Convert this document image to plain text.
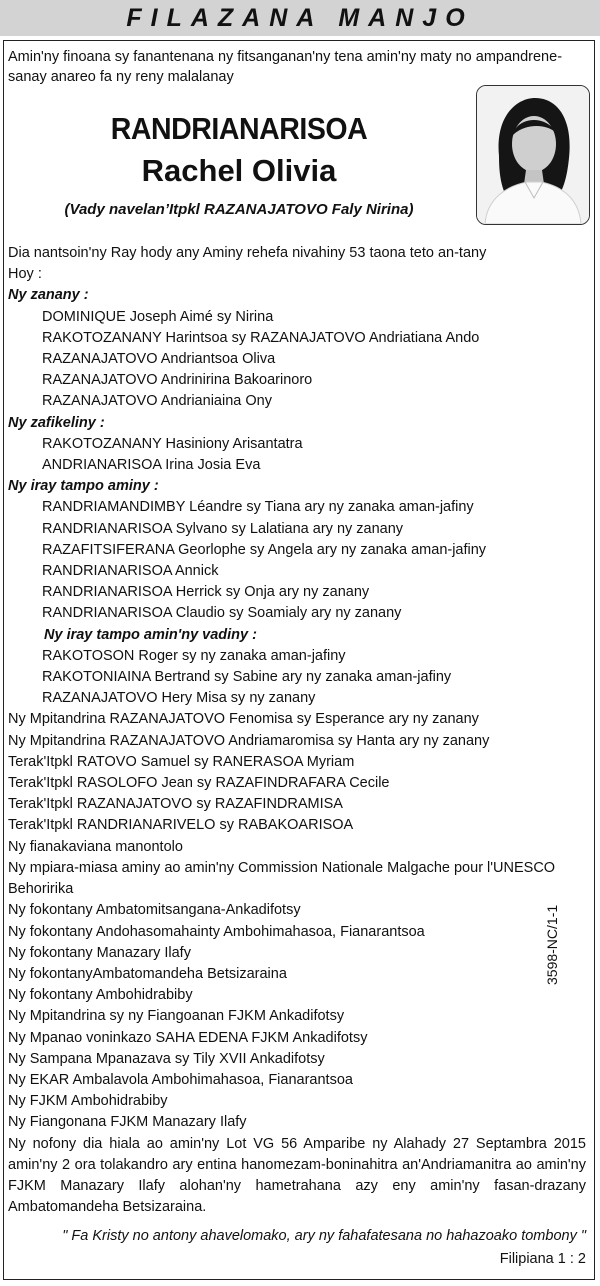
FILAZANA MANJO
Amin'ny finoana sy fanantenana ny fitsanganan'ny tena amin'ny maty no ampandrene-sanay anareo fa ny reny malalanay
RANDRIANARISOA
Rachel Olivia
(Vady navelan’Itpkl RAZANAJATOVO Faly Nirina)

Dia nantsoin'ny Ray hody any Aminy rehefa nivahiny 53 taona teto an-tany

Hoy :

Ny zanany :

DOMINIQUE Joseph Aimé sy Nirina

RAKOTOZANANY Harintsoa sy RAZANAJATOVO Andriatiana Ando

RAZANAJATOVO Andriantsoa Oliva

RAZANAJATOVO Andrinirina Bakoarinoro

RAZANAJATOVO Andrianiaina Ony

Ny zafikeliny :

RAKOTOZANANY Hasiniony Arisantatra

ANDRIANARISOA Irina Josia Eva

Ny iray tampo aminy :

RANDRIAMANDIMBY Léandre sy Tiana ary ny zanaka aman-jafiny

RANDRIANARISOA Sylvano sy Lalatiana ary ny zanany

RAZAFITSIFERANA Georlophe sy Angela ary ny zanaka aman-jafiny

RANDRIANARISOA Annick

RANDRIANARISOA Herrick sy Onja ary ny zanany

RANDRIANARISOA Claudio sy Soamialy ary ny zanany

Ny iray tampo amin'ny vadiny :

RAKOTOSON Roger sy ny zanaka aman-jafiny

RAKOTONIAINA Bertrand sy Sabine ary ny zanaka aman-jafiny

RAZANAJATOVO Hery Misa sy ny zanany

Ny Mpitandrina RAZANAJATOVO Fenomisa sy Esperance ary ny zanany

Ny Mpitandrina RAZANAJATOVO Andriamaromisa sy Hanta ary ny zanany

Terak'Itpkl RATOVO Samuel sy RANERASOA Myriam

Terak'Itpkl RASOLOFO Jean sy RAZAFINDRAFARA Cecile

Terak'Itpkl RAZANAJATOVO sy RAZAFINDRAMISA

Terak'Itpkl RANDRIANARIVELO sy RABAKOARISOA

Ny fianakaviana manontolo

Ny mpiara-miasa aminy ao amin'ny Commission Nationale Malgache pour l'UNESCO Behoririka

Ny fokontany Ambatomitsangana-Ankadifotsy

Ny fokontany Andohasomahainty Ambohimahasoa, Fianarantsoa

Ny fokontany Manazary Ilafy

Ny fokontanyAmbatomandeha Betsizaraina

Ny fokontany Ambohidrabiby

Ny Mpitandrina sy ny Fiangoanan FJKM Ankadifotsy

Ny Mpanao voninkazo SAHA EDENA FJKM Ankadifotsy

Ny Sampana Mpanazava sy Tily XVII Ankadifotsy

Ny EKAR Ambalavola Ambohimahasoa, Fianarantsoa

Ny FJKM Ambohidrabiby

Ny Fiangonana FJKM Manazary Ilafy

Ny nofony dia hiala ao amin'ny Lot VG 56 Amparibe ny Alahady 27 Septambra 2015 amin'ny 2 ora tolakandro ary entina hanomezam-boninahitra an'Andriamanitra ao amin'ny FJKM Manazary Ilafy alohan'ny hametrahana azy eny amin'ny fasan-drazany Ambatomandeha Betsizaraina.

" Fa Kristy no antony ahavelomako, ary ny fahafatesana no hahazoako tombony "
Filipiana 1 : 2
3598-NC/1-1
